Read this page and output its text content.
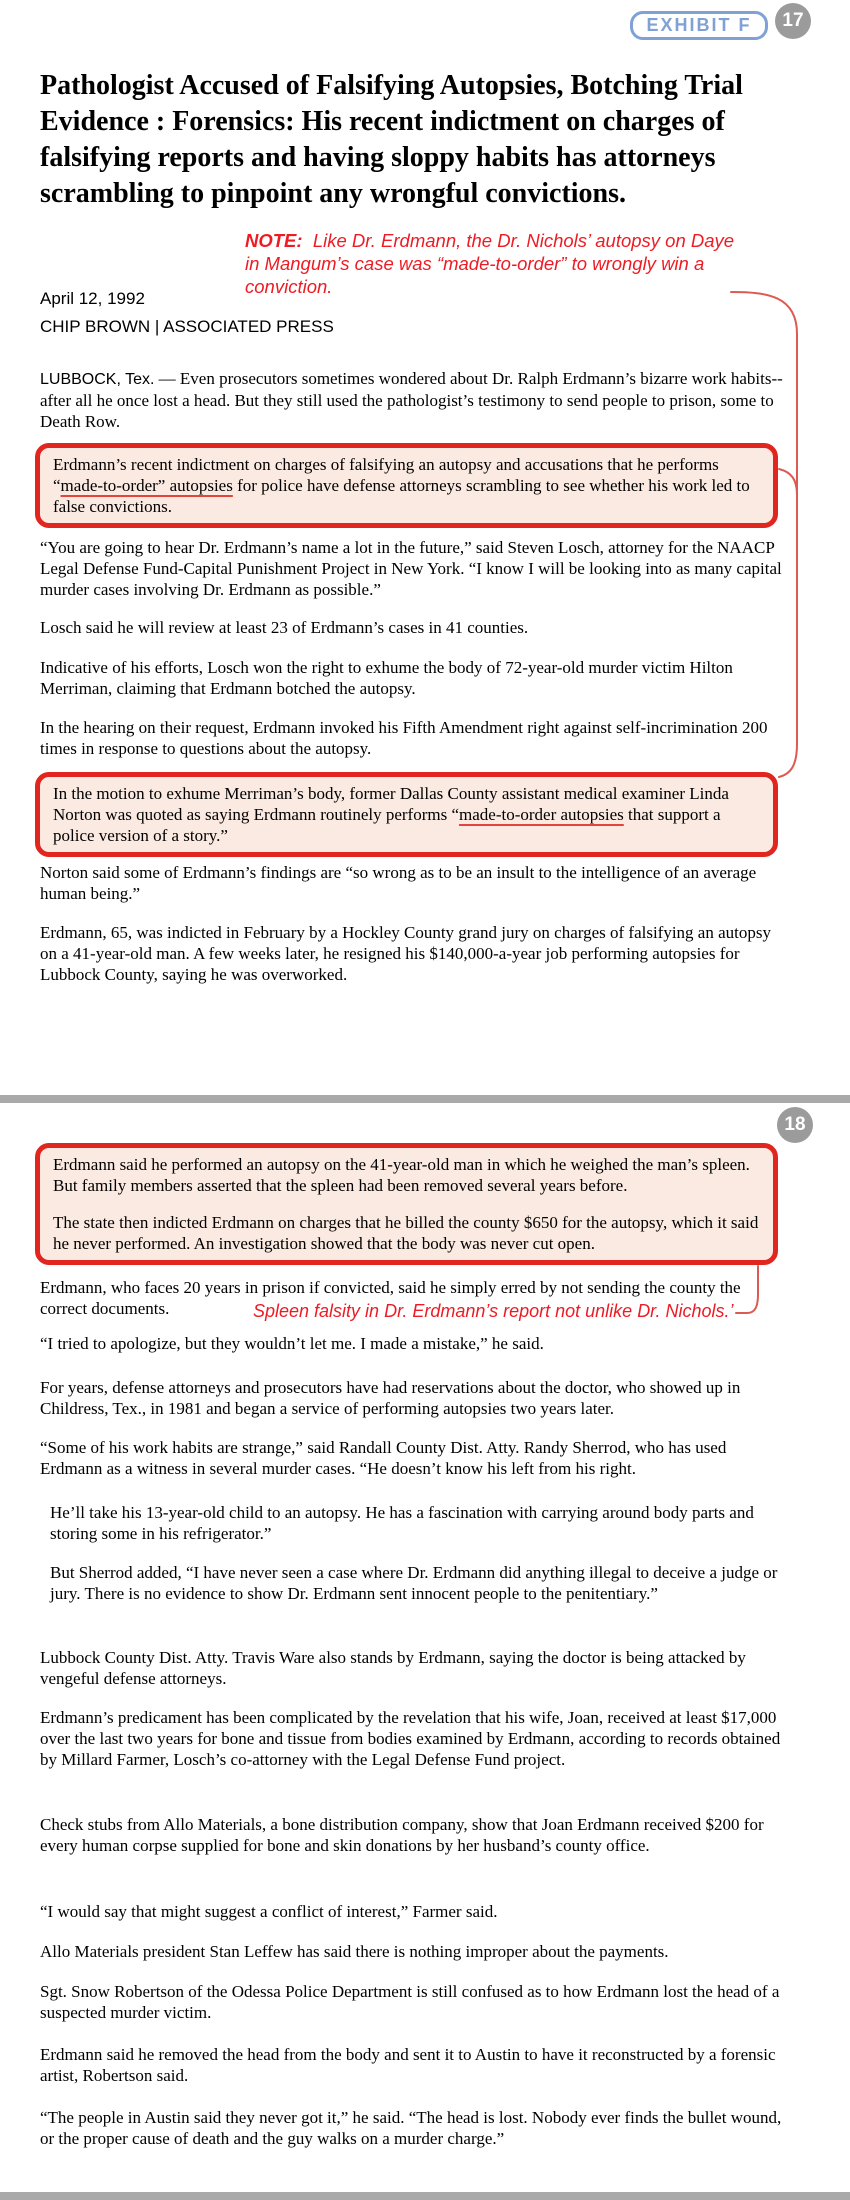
EXHIBIT F	17
Pathologist Accused of Falsifying Autopsies, Botching Trial Evidence : Forensics: His recent indictment on charges of falsifying reports and having sloppy habits has attorneys scrambling to pinpoint any wrongful convictions.
NOTE: Like Dr. Erdmann, the Dr. Nichols’ autopsy on Daye in Mangum’s case was “made-to-order” to wrongly win a conviction.
April 12, 1992
CHIP BROWN | ASSOCIATED PRESS
LUBBOCK, Tex. — Even prosecutors sometimes wondered about Dr. Ralph Erdmann’s bizarre work habits--after all he once lost a head. But they still used the pathologist’s testimony to send people to prison, some to Death Row.

Erdmann’s recent indictment on charges of falsifying an autopsy and accusations that he performs “made-to-order” autopsies for police have defense attorneys scrambling to see whether his work led to false convictions.

“You are going to hear Dr. Erdmann’s name a lot in the future,” said Steven Losch, attorney for the NAACP Legal Defense Fund-Capital Punishment Project in New York. “I know I will be looking into as many capital murder cases involving Dr. Erdmann as possible.”
Losch said he will review at least 23 of Erdmann’s cases in 41 counties.
Indicative of his efforts, Losch won the right to exhume the body of 72-year-old murder victim Hilton Merriman, claiming that Erdmann botched the autopsy.
In the hearing on their request, Erdmann invoked his Fifth Amendment right against self-incrimination 200 times in response to questions about the autopsy.

In the motion to exhume Merriman’s body, former Dallas County assistant medical examiner Linda Norton was quoted as saying Erdmann routinely performs “made-to-order autopsies that support a police version of a story.”

Norton said some of Erdmann’s findings are “so wrong as to be an insult to the intelligence of an average human being.”
Erdmann, 65, was indicted in February by a Hockley County grand jury on charges of falsifying an autopsy on a 41-year-old man. A few weeks later, he resigned his $140,000-a-year job performing autopsies for Lubbock County, saying he was overworked.
18

Erdmann said he performed an autopsy on the 41-year-old man in which he weighed the man’s spleen. But family members asserted that the spleen had been removed several years before.

The state then indicted Erdmann on charges that he billed the county $650 for the autopsy, which it said he never performed. An investigation showed that the body was never cut open.

Erdmann, who faces 20 years in prison if convicted, said he simply erred by not sending the county the correct documents.	Spleen falsity in Dr. Erdmann’s report not unlike Dr. Nichols.’
“I tried to apologize, but they wouldn’t let me. I made a mistake,” he said.
For years, defense attorneys and prosecutors have had reservations about the doctor, who showed up in Childress, Tex., in 1981 and began a service of performing autopsies two years later.
“Some of his work habits are strange,” said Randall County Dist. Atty. Randy Sherrod, who has used Erdmann as a witness in several murder cases. “He doesn’t know his left from his right.
He’ll take his 13-year-old child to an autopsy. He has a fascination with carrying around body parts and storing some in his refrigerator.”
But Sherrod added, “I have never seen a case where Dr. Erdmann did anything illegal to deceive a judge or jury. There is no evidence to show Dr. Erdmann sent innocent people to the penitentiary.”
Lubbock County Dist. Atty. Travis Ware also stands by Erdmann, saying the doctor is being attacked by vengeful defense attorneys.
Erdmann’s predicament has been complicated by the revelation that his wife, Joan, received at least $17,000 over the last two years for bone and tissue from bodies examined by Erdmann, according to records obtained by Millard Farmer, Losch’s co-attorney with the Legal Defense Fund project.
Check stubs from Allo Materials, a bone distribution company, show that Joan Erdmann received $200 for every human corpse supplied for bone and skin donations by her husband’s county office.
“I would say that might suggest a conflict of interest,” Farmer said.
Allo Materials president Stan Leffew has said there is nothing improper about the payments.
Sgt. Snow Robertson of the Odessa Police Department is still confused as to how Erdmann lost the head of a suspected murder victim.
Erdmann said he removed the head from the body and sent it to Austin to have it reconstructed by a forensic artist, Robertson said.
“The people in Austin said they never got it,” he said. “The head is lost. Nobody ever finds the bullet wound, or the proper cause of death and the guy walks on a murder charge.”
